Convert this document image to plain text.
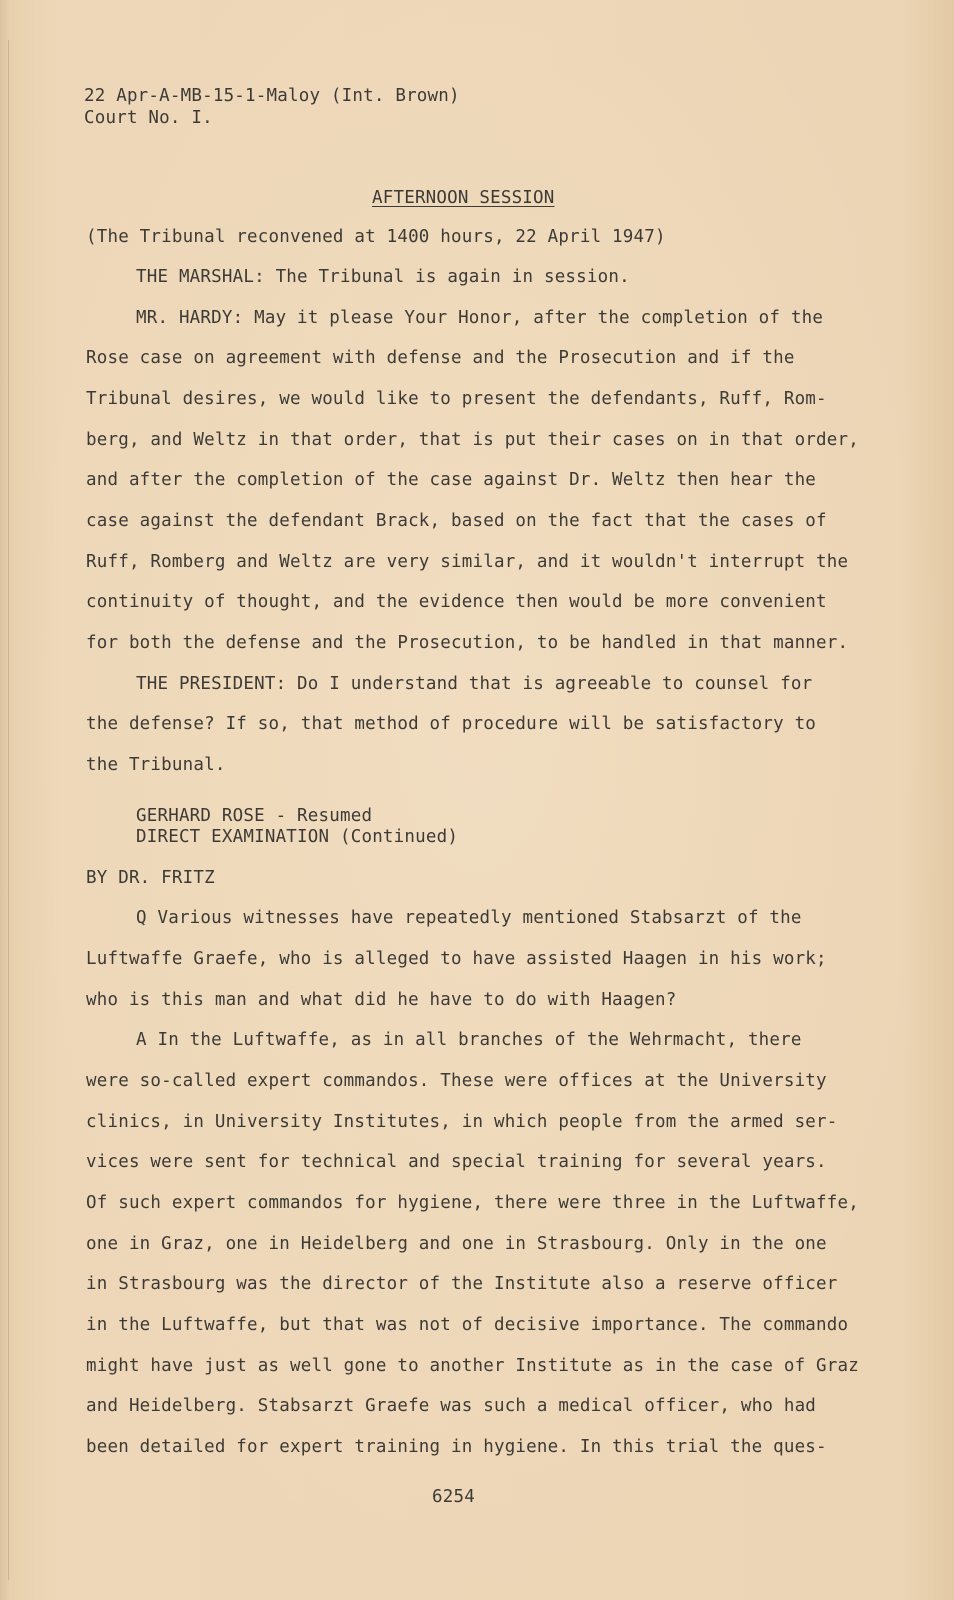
22 Apr-A-MB-15-1-Maloy (Int. Brown)
Court No. I.
AFTERNOON SESSION
(The Tribunal reconvened at 1400 hours, 22 April 1947)
THE MARSHAL: The Tribunal is again in session.
MR. HARDY: May it please Your Honor, after the completion of the
Rose case on agreement with defense and the Prosecution and if the
Tribunal desires, we would like to present the defendants, Ruff, Rom-
berg, and Weltz in that order, that is put their cases on in that order,
and after the completion of the case against Dr. Weltz then hear the
case against the defendant Brack, based on the fact that the cases of
Ruff, Romberg and Weltz are very similar, and it wouldn't interrupt the
continuity of thought, and the evidence then would be more convenient
for both the defense and the Prosecution, to be handled in that manner.
THE PRESIDENT: Do I understand that is agreeable to counsel for
the defense? If so, that method of procedure will be satisfactory to
the Tribunal.
GERHARD ROSE - Resumed
DIRECT EXAMINATION (Continued)
BY DR. FRITZ
Q Various witnesses have repeatedly mentioned Stabsarzt of the
Luftwaffe Graefe, who is alleged to have assisted Haagen in his work;
who is this man and what did he have to do with Haagen?
A In the Luftwaffe, as in all branches of the Wehrmacht, there
were so-called expert commandos. These were offices at the University
clinics, in University Institutes, in which people from the armed ser-
vices were sent for technical and special training for several years.
Of such expert commandos for hygiene, there were three in the Luftwaffe,
one in Graz, one in Heidelberg and one in Strasbourg. Only in the one
in Strasbourg was the director of the Institute also a reserve officer
in the Luftwaffe, but that was not of decisive importance. The commando
might have just as well gone to another Institute as in the case of Graz
and Heidelberg. Stabsarzt Graefe was such a medical officer, who had
been detailed for expert training in hygiene. In this trial the ques-
6254
